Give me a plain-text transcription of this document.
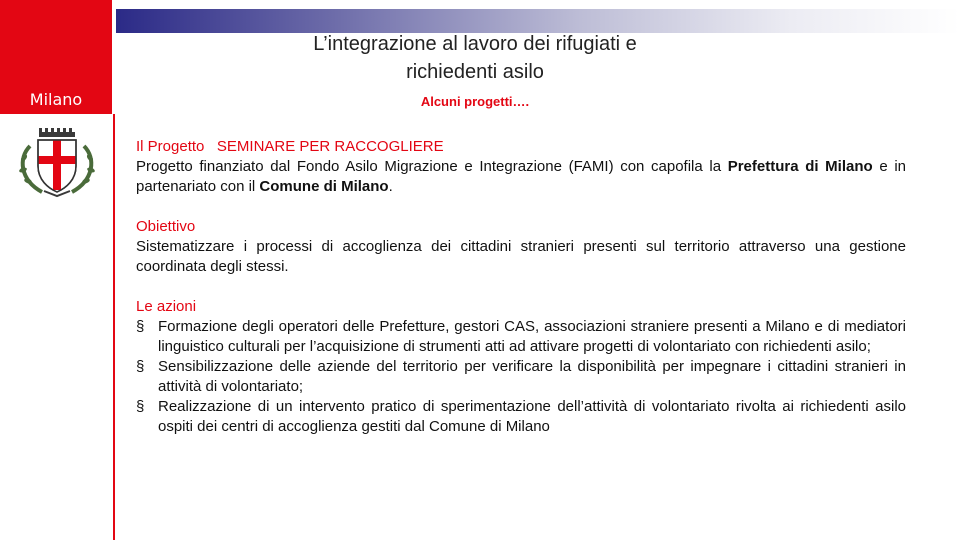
Milano
L’integrazione al lavoro dei rifugiati e
richiedenti asilo
Alcuni progetti….

Il Progetto SEMINARE PER RACCOGLIERE

Progetto finanziato dal Fondo Asilo Migrazione e Integrazione (FAMI) con capofila la Prefettura di Milano e in partenariato con il Comune di Milano.

Obiettivo

Sistematizzare i processi di accoglienza dei cittadini stranieri presenti sul territorio attraverso una gestione coordinata degli stessi.

Le azioni

§ Formazione degli operatori delle Prefetture, gestori CAS, associazioni straniere presenti a Milano e di mediatori linguistico culturali per l’acquisizione di strumenti atti ad attivare progetti di volontariato con richiedenti asilo;
§ Sensibilizzazione delle aziende del territorio per verificare la disponibilità per impegnare i cittadini stranieri in attività di volontariato;
§ Realizzazione di un intervento pratico di sperimentazione dell’attività di volontariato rivolta ai richiedenti asilo ospiti dei centri di accoglienza gestiti dal Comune di Milano
